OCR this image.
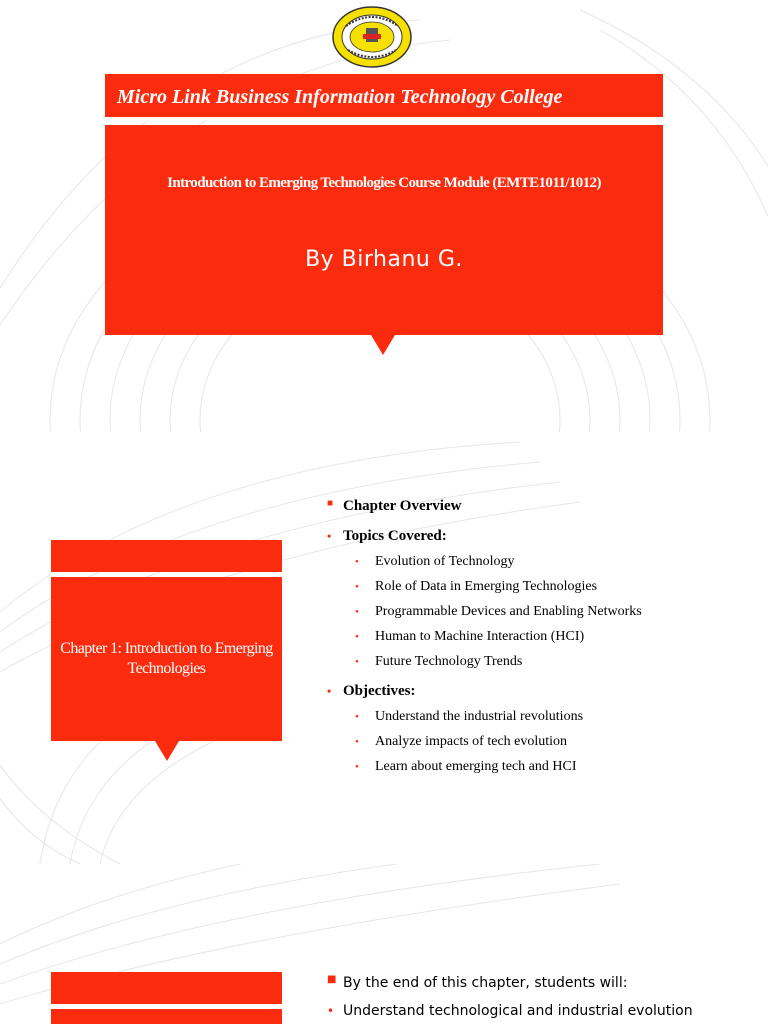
Micro Link Business Information Technology College
Introduction to Emerging Technologies Course Module (EMTE1011/1012)
By Birhanu G.
Chapter 1: Introduction to Emerging Technologies
■ Chapter Overview
• Topics Covered:
• Evolution of Technology
• Role of Data in Emerging Technologies
• Programmable Devices and Enabling Networks
• Human to Machine Interaction (HCI)
• Future Technology Trends
• Objectives:
• Understand the industrial revolutions
• Analyze impacts of tech evolution
• Learn about emerging tech and HCI
■ By the end of this chapter, students will:
• Understand technological and industrial evolution
